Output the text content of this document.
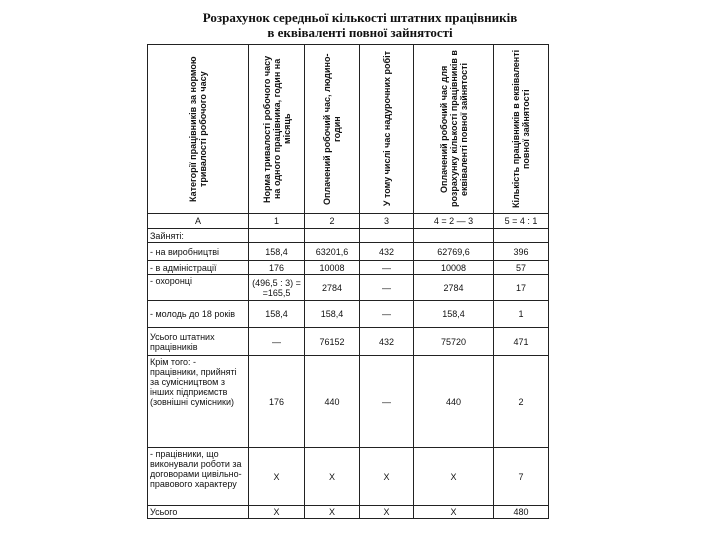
Розрахунок середньої кількості штатних працівників
в еквіваленті повної зайнятості
Категорії працівників за нормою тривалості робочого часу	Норма тривалості робочого часу на одного працівника, годин на місяць	Оплачений робочий час, людино-годин	У тому числі час надурочних робіт	Оплачений робочий час для розрахунку кількості працівників в еквіваленті повної зайнятості	Кількість працівників в еквіваленті повної зайнятості

А	1	2	3	4 = 2 — 3	5 = 4 : 1
Зайняті:					
- на виробництві	158,4	63201,6	432	62769,6	396
- в адміністрації	176	10008	—	10008	57
- охоронці	(496,5 : 3) = =165,5	2784	—	2784	17
- молодь до 18 років	158,4	158,4	—	158,4	1
Усього штатних працівників	—	76152	432	75720	471
Крім того: - працівники, прийняті за сумісництвом з інших підприємств (зовнішні сумісники)	176	440	—	440	2
- працівники, що виконували роботи за договорами цивільно-правового характеру	Х	Х	Х	Х	7
Усього	Х	Х	Х	Х	480
